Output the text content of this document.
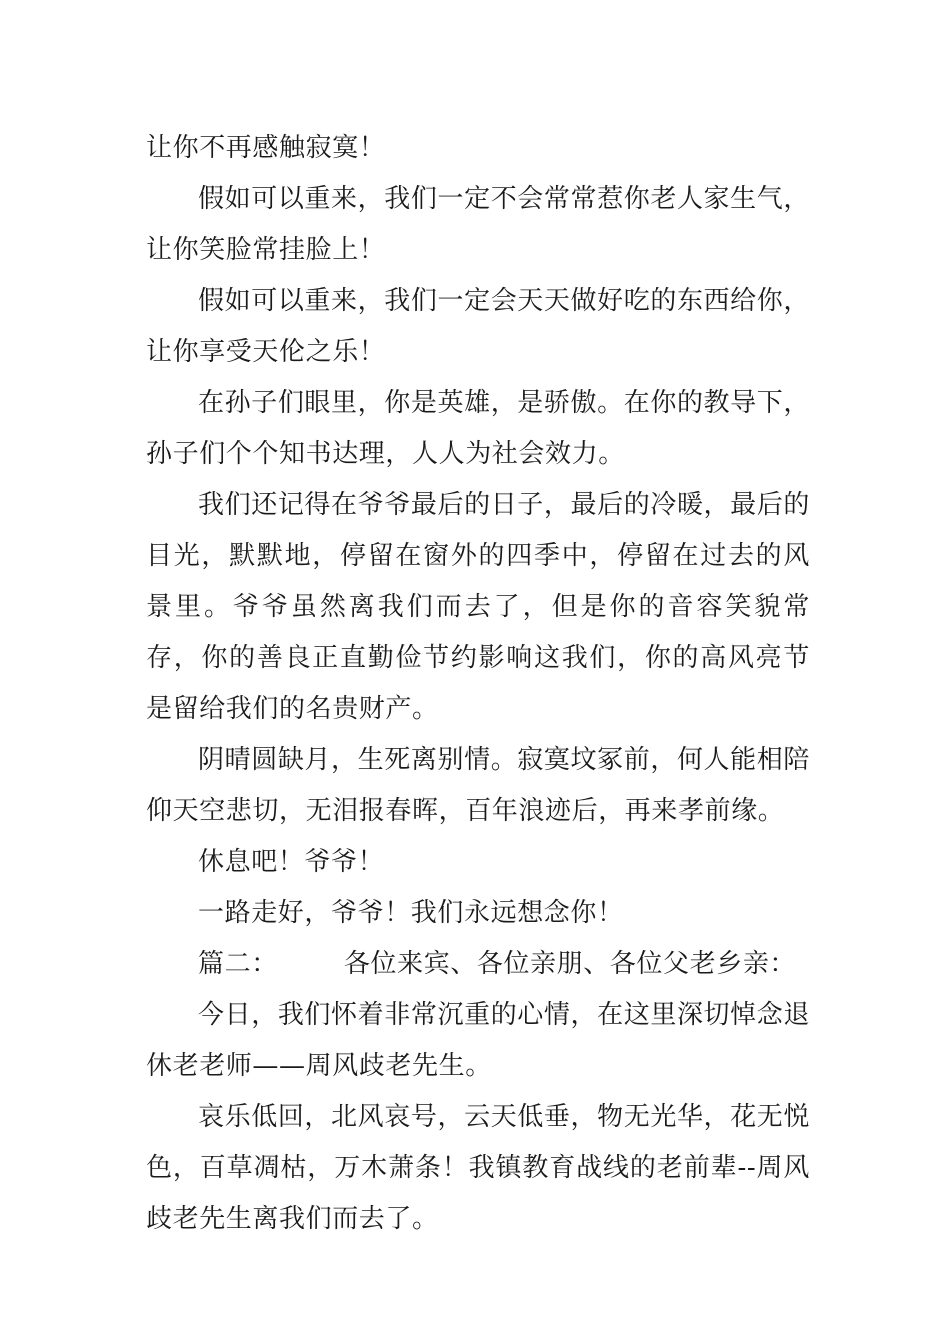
让你不再感触寂寞！

假如可以重来，我们一定不会常常惹你老人家生气，让你笑脸常挂脸上！

假如可以重来，我们一定会天天做好吃的东西给你，让你享受天伦之乐！

在孙子们眼里，你是英雄，是骄傲。在你的教导下，孙子们个个知书达理，人人为社会效力。

我们还记得在爷爷最后的日子，最后的冷暖，最后的目光，默默地，停留在窗外的四季中，停留在过去的风景里。爷爷虽然离我们而去了，但是你的音容笑貌常存，你的善良正直勤俭节约影响这我们，你的高风亮节是留给我们的名贵财产。

阴晴圆缺月，生死离别情。寂寞坟冢前，何人能相陪仰天空悲切，无泪报春晖，百年浪迹后，再来孝前缘。

休息吧！爷爷！

一路走好，爷爷！我们永远想念你！

篇二：	各位来宾、各位亲朋、各位父老乡亲：

今日，我们怀着非常沉重的心情，在这里深切悼念退休老老师——周风歧老先生。

哀乐低回，北风哀号，云天低垂，物无光华，花无悦色，百草凋枯，万木萧条！我镇教育战线的老前辈--周风歧老先生离我们而去了。
